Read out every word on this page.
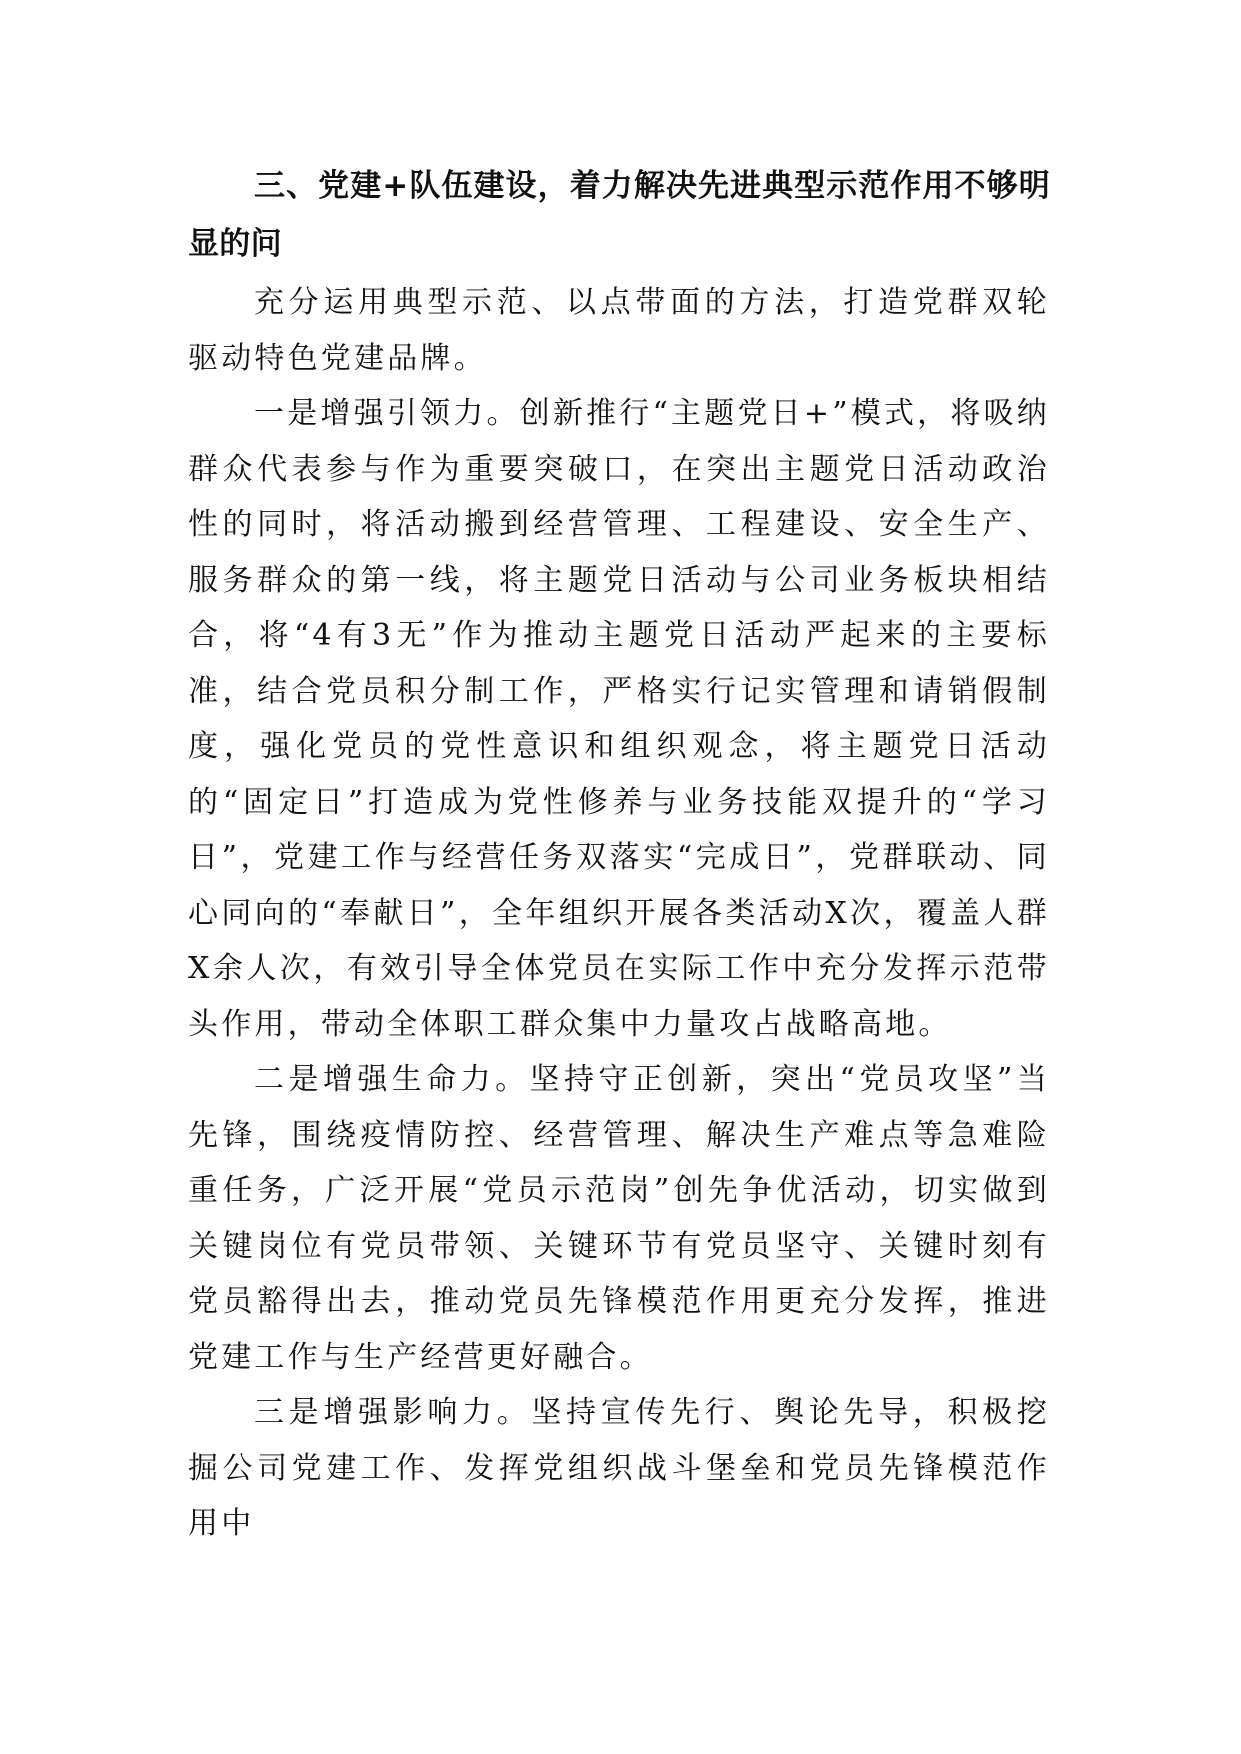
三、党建+队伍建设，着力解决先进典型示范作用不够明显的问

充分运用典型示范、以点带面的方法，打造党群双轮驱动特色党建品牌。

一是增强引领力。创新推行“主题党日+”模式，将吸纳群众代表参与作为重要突破口，在突出主题党日活动政治性的同时，将活动搬到经营管理、工程建设、安全生产、服务群众的第一线，将主题党日活动与公司业务板块相结合，将“4有3无”作为推动主题党日活动严起来的主要标准，结合党员积分制工作，严格实行记实管理和请销假制度，强化党员的党性意识和组织观念，将主题党日活动的“固定日”打造成为党性修养与业务技能双提升的“学习日”，党建工作与经营任务双落实“完成日”，党群联动、同心同向的“奉献日”，全年组织开展各类活动X次，覆盖人群X余人次，有效引导全体党员在实际工作中充分发挥示范带头作用，带动全体职工群众集中力量攻占战略高地。

二是增强生命力。坚持守正创新，突出“党员攻坚”当先锋，围绕疫情防控、经营管理、解决生产难点等急难险重任务，广泛开展“党员示范岗”创先争优活动，切实做到关键岗位有党员带领、关键环节有党员坚守、关键时刻有党员豁得出去，推动党员先锋模范作用更充分发挥，推进党建工作与生产经营更好融合。

三是增强影响力。坚持宣传先行、舆论先导，积极挖掘公司党建工作、发挥党组织战斗堡垒和党员先锋模范作用中
